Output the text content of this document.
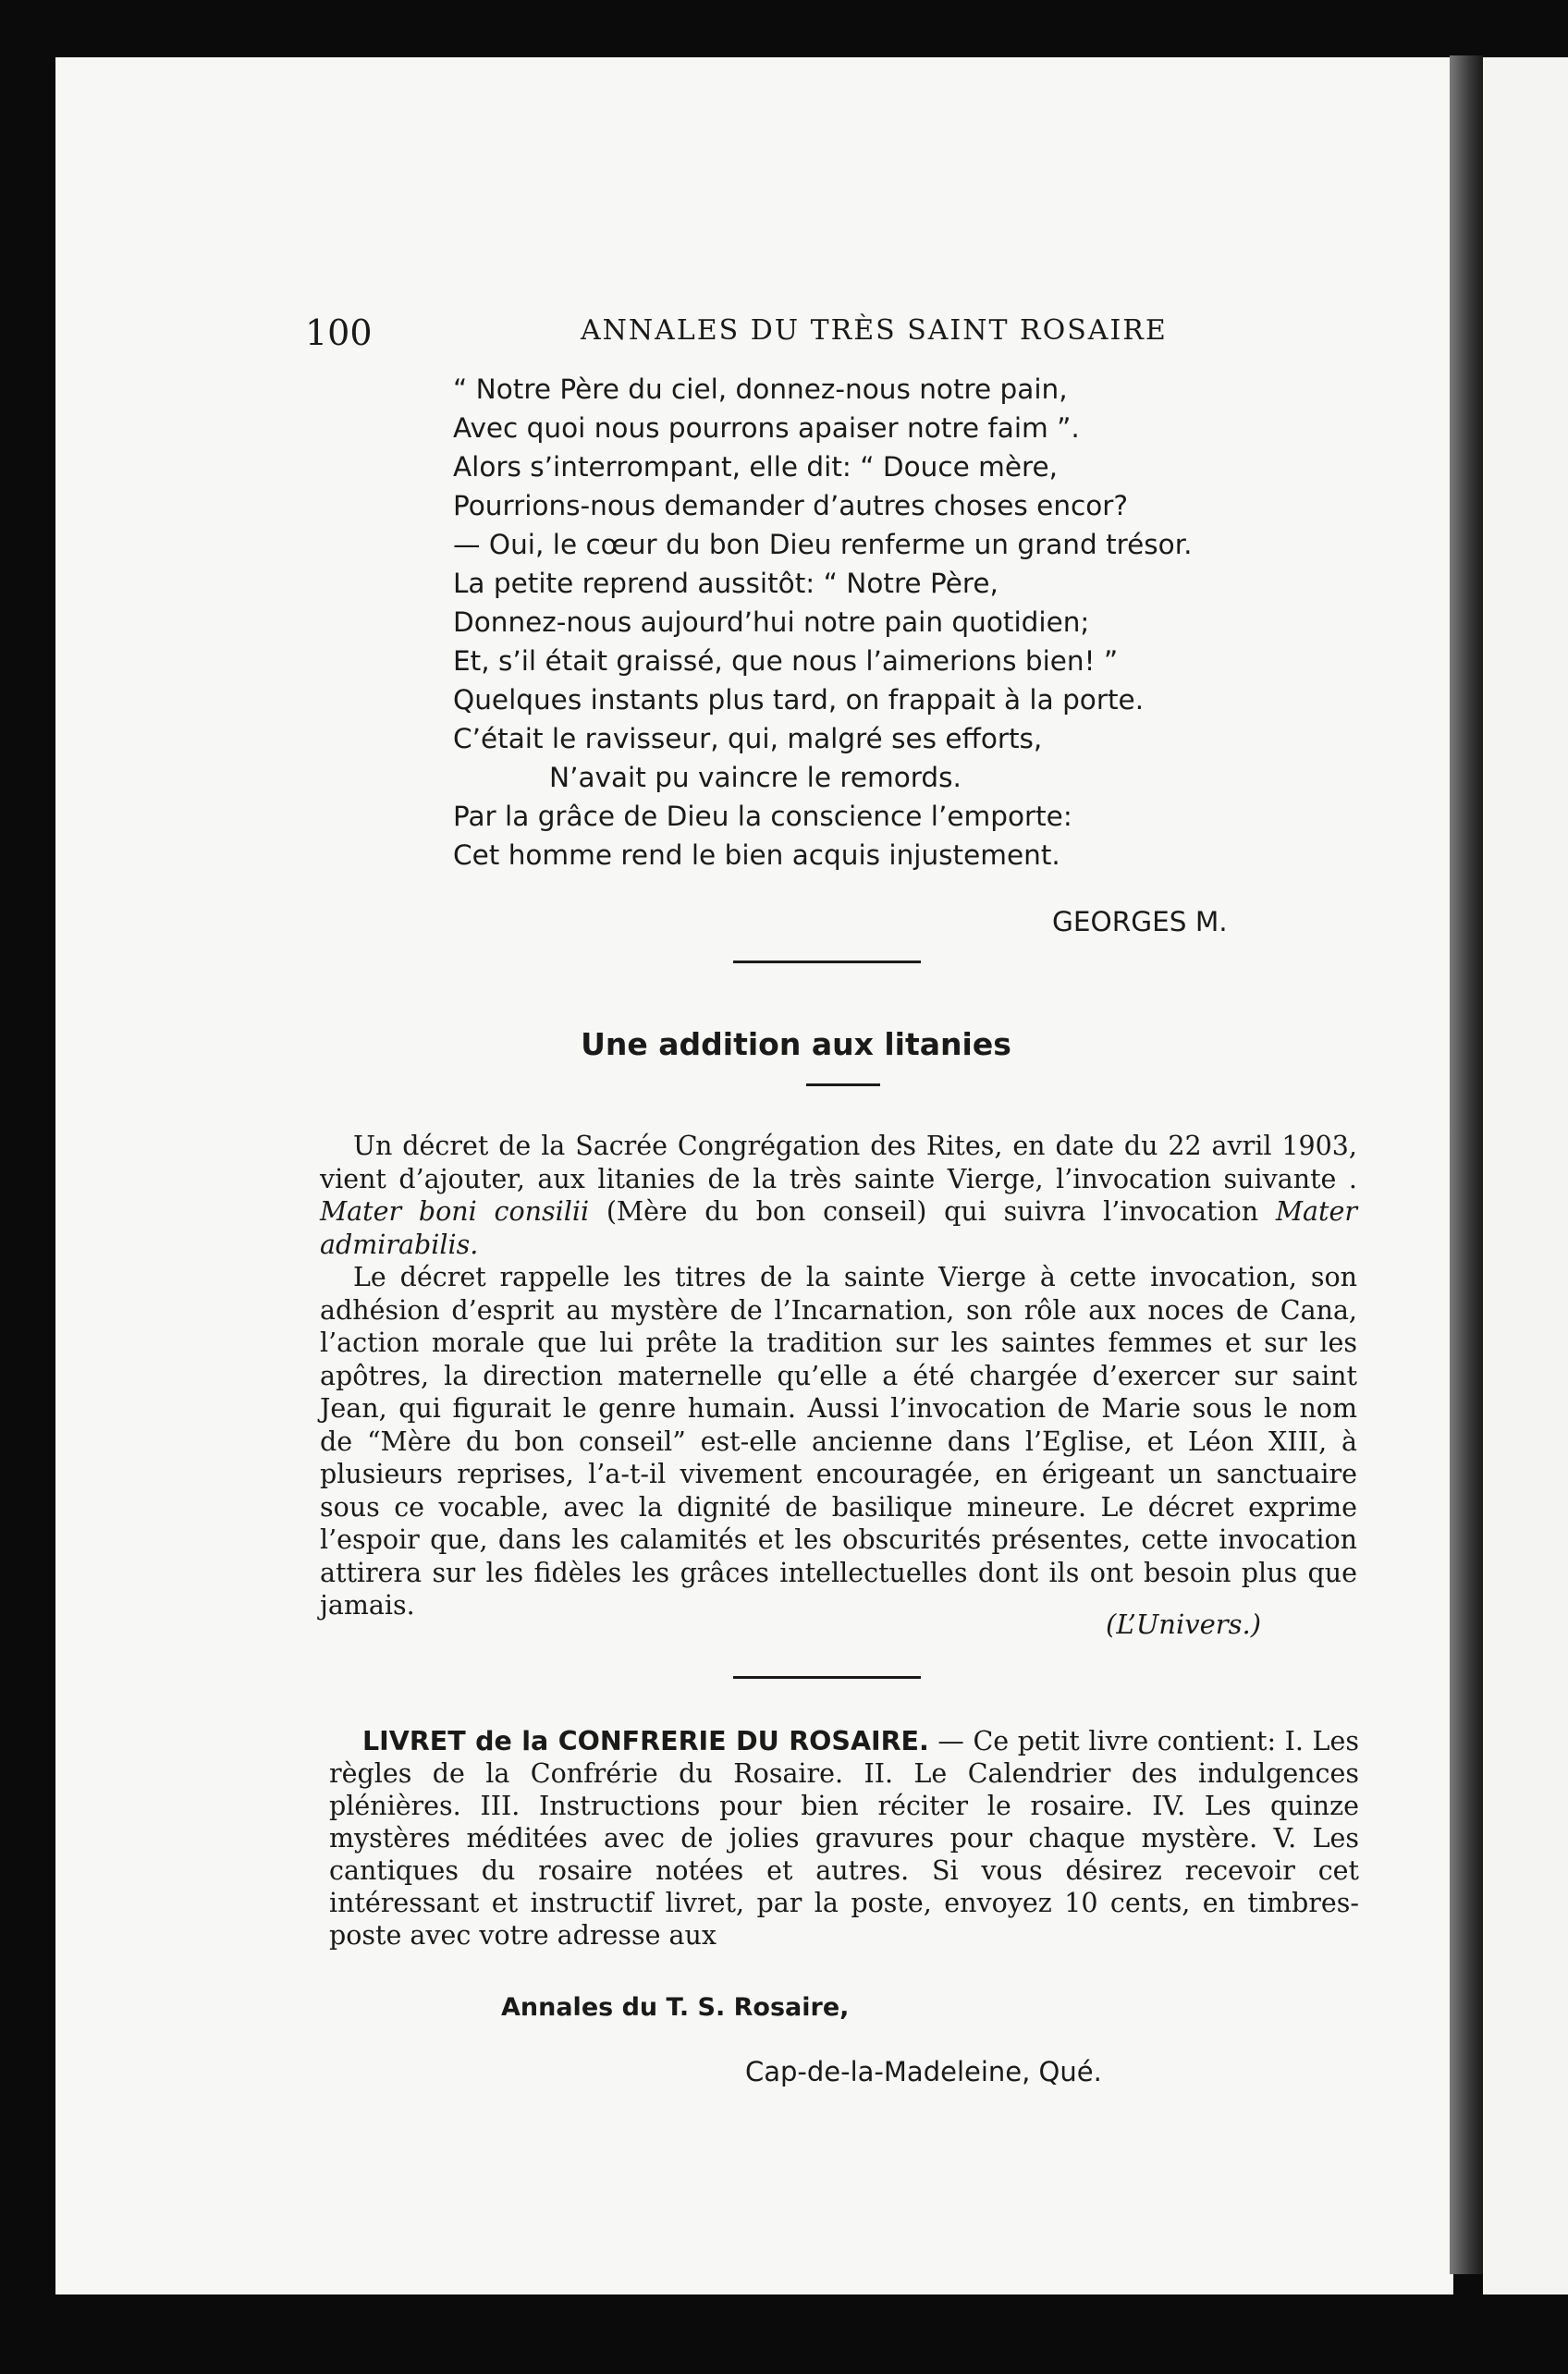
100	ANNALES DU TRÈS SAINT ROSAIRE
“ Notre Père du ciel, donnez-nous notre pain,
Avec quoi nous pourrons apaiser notre faim ”.
Alors s’interrompant, elle dit: “ Douce mère,
Pourrions-nous demander d’autres choses encor?
— Oui, le cœur du bon Dieu renferme un grand trésor.
La petite reprend aussitôt: “ Notre Père,
Donnez-nous aujourd’hui notre pain quotidien;
Et, s’il était graissé, que nous l’aimerions bien! ”
Quelques instants plus tard, on frappait à la porte.
C’était le ravisseur, qui, malgré ses efforts,
N’avait pu vaincre le remords.
Par la grâce de Dieu la conscience l’emporte:
Cet homme rend le bien acquis injustement.
GEORGES M.
Une addition aux litanies

Un décret de la Sacrée Congrégation des Rites, en date du 22 avril 1903, vient d’ajouter, aux litanies de la très sainte Vierge, l’invocation suivante . Mater boni consilii (Mère du bon conseil) qui suivra l’invocation Mater admirabilis.

Le décret rappelle les titres de la sainte Vierge à cette invocation, son adhésion d’esprit au mystère de l’Incarnation, son rôle aux noces de Cana, l’action morale que lui prête la tradition sur les saintes femmes et sur les apôtres, la direction maternelle qu’elle a été chargée d’exercer sur saint Jean, qui figurait le genre humain. Aussi l’invocation de Marie sous le nom de “Mère du bon conseil” est-elle ancienne dans l’Eglise, et Léon XIII, à plusieurs reprises, l’a-t-il vivement encouragée, en érigeant un sanctuaire sous ce vocable, avec la dignité de basilique mineure. Le décret exprime l’espoir que, dans les calamités et les obscurités présentes, cette invocation attirera sur les fidèles les grâces intellectuelles dont ils ont besoin plus que jamais.

(L’Univers.)
LIVRET de la CONFRERIE DU ROSAIRE. — Ce petit livre contient: I. Les règles de la Confrérie du Rosaire. II. Le Calendrier des indulgences plénières. III. Instructions pour bien réciter le rosaire. IV. Les quinze mystères méditées avec de jolies gravures pour chaque mystère. V. Les cantiques du rosaire notées et autres. Si vous désirez recevoir cet intéressant et instructif livret, par la poste, envoyez 10 cents, en timbres-poste avec votre adresse aux
Annales du T. S. Rosaire,
Cap-de-la-Madeleine, Qué.
